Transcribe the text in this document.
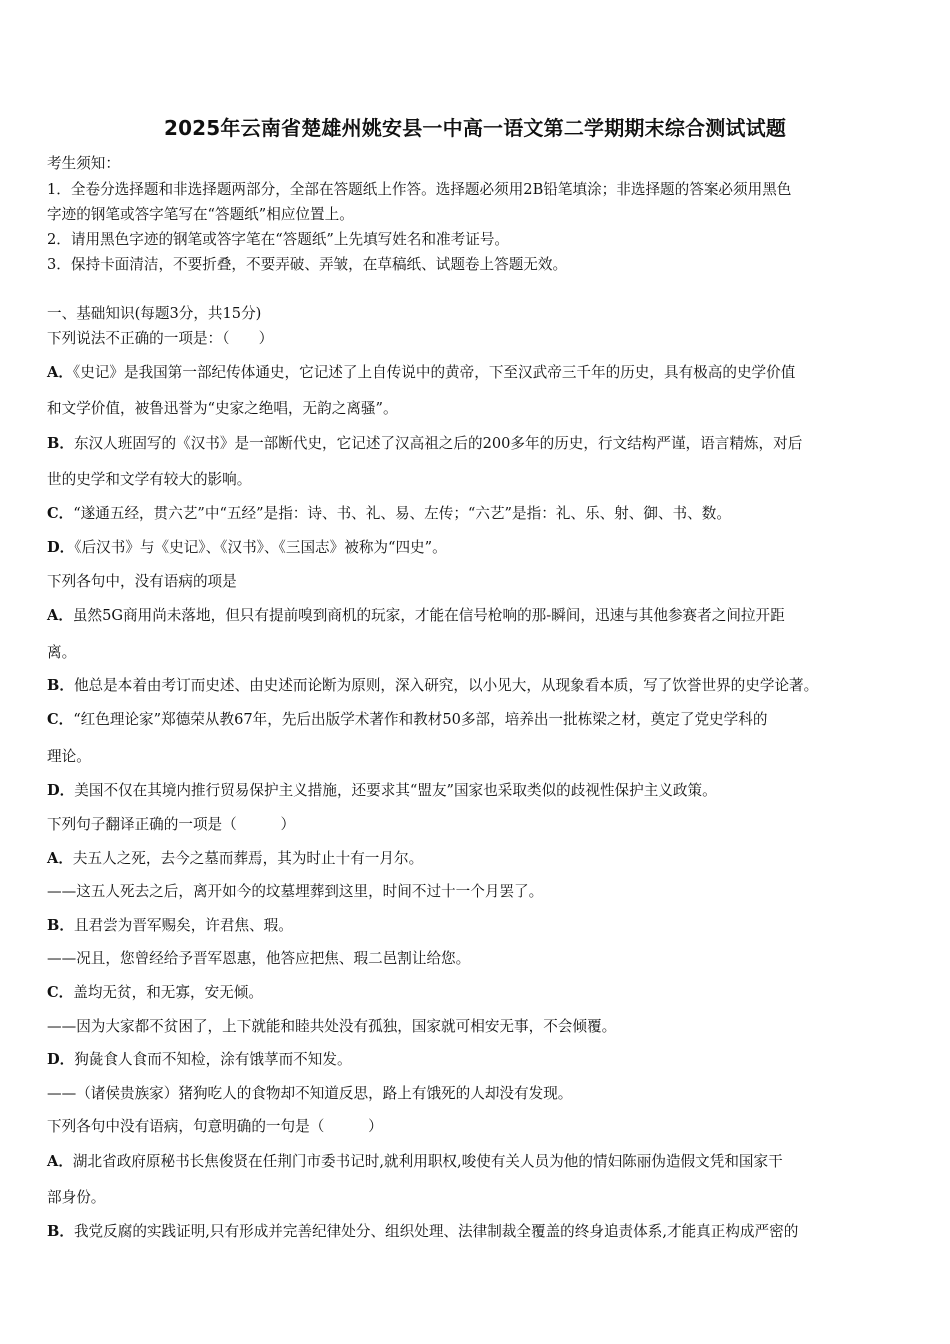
2025年云南省楚雄州姚安县一中高一语文第二学期期末综合测试试题
考生须知：
1．全卷分选择题和非选择题两部分，全部在答题纸上作答。选择题必须用2B铅笔填涂；非选择题的答案必须用黑色
字迹的钢笔或答字笔写在“答题纸”相应位置上。
2．请用黑色字迹的钢笔或答字笔在“答题纸”上先填写姓名和准考证号。
3．保持卡面清洁，不要折叠，不要弄破、弄皱，在草稿纸、试题卷上答题无效。
一、基础知识(每题3分，共15分)
下列说法不正确的一项是：（　　）
A．《史记》是我国第一部纪传体通史，它记述了上自传说中的黄帝，下至汉武帝三千年的历史，具有极高的史学价值
和文学价值，被鲁迅誉为“史家之绝唱，无韵之离骚”。
B．东汉人班固写的《汉书》是一部断代史，它记述了汉高祖之后的200多年的历史，行文结构严谨，语言精炼，对后
世的史学和文学有较大的影响。
C．“遂通五经，贯六艺”中“五经”是指：诗、书、礼、易、左传；“六艺”是指：礼、乐、射、御、书、数。
D．《后汉书》与《史记》、《汉书》、《三国志》被称为“四史”。
下列各句中，没有语病的项是
A．虽然5G商用尚未落地，但只有提前嗅到商机的玩家，才能在信号枪响的那-瞬间，迅速与其他参赛者之间拉开距
离。
B．他总是本着由考订而史述、由史述而论断为原则，深入研究，以小见大，从现象看本质，写了饮誉世界的史学论著。
C．“红色理论家”郑德荣从教67年，先后出版学术著作和教材50多部，培养出一批栋梁之材，奠定了党史学科的
理论。
D．美国不仅在其境内推行贸易保护主义措施，还要求其“盟友”国家也采取类似的歧视性保护主义政策。
下列句子翻译正确的一项是（　　　）
A．夫五人之死，去今之墓而葬焉，其为时止十有一月尔。
——这五人死去之后，离开如今的坟墓埋葬到这里，时间不过十一个月罢了。
B．且君尝为晋军赐矣，许君焦、瑕。
——况且，您曾经给予晋军恩惠，他答应把焦、瑕二邑割让给您。
C．盖均无贫，和无寡，安无倾。
——因为大家都不贫困了，上下就能和睦共处没有孤独，国家就可相安无事，不会倾覆。
D．狗彘食人食而不知检，涂有饿莩而不知发。
——（诸侯贵族家）猪狗吃人的食物却不知道反思，路上有饿死的人却没有发现。
下列各句中没有语病，句意明确的一句是（　　　）
A．湖北省政府原秘书长焦俊贤在任荆门市委书记时,就利用职权,唆使有关人员为他的情妇陈丽伪造假文凭和国家干
部身份。
B．我党反腐的实践证明,只有形成并完善纪律处分、组织处理、法律制裁全覆盖的终身追责体系,才能真正构成严密的
